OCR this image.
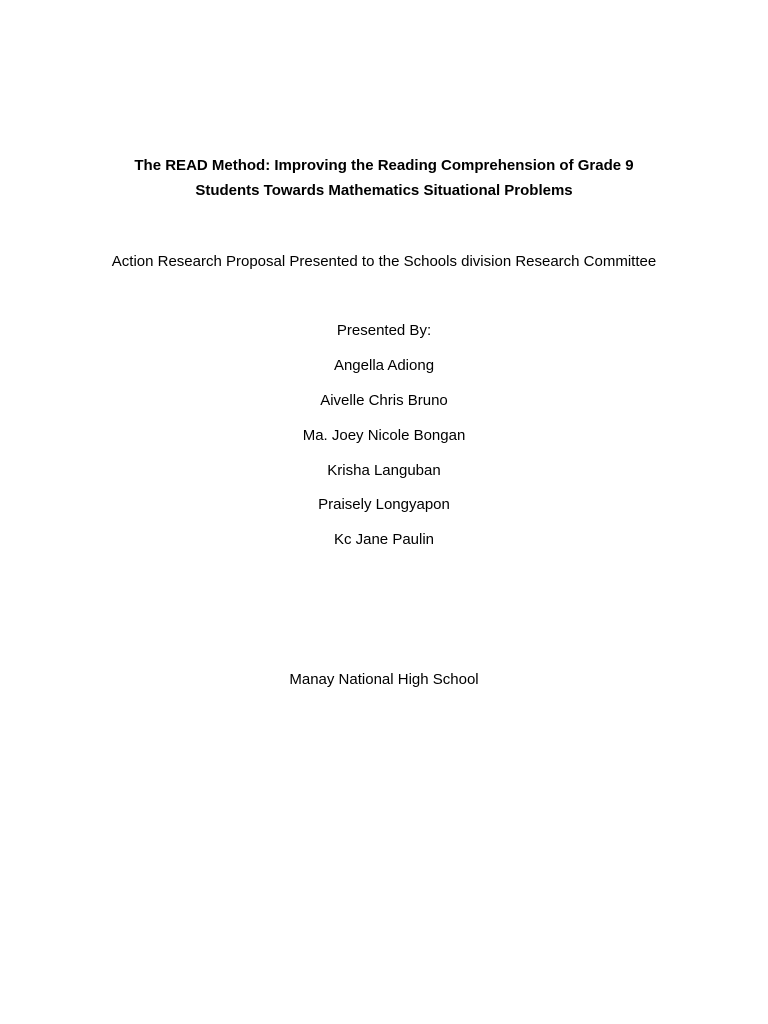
The READ Method: Improving the Reading Comprehension of Grade 9
Students Towards Mathematics Situational Problems
Action Research Proposal Presented to the Schools division Research Committee
Presented By:
Angella Adiong
Aivelle Chris Bruno
Ma. Joey Nicole Bongan
Krisha Languban
Praisely Longyapon
Kc Jane Paulin
Manay National High School
